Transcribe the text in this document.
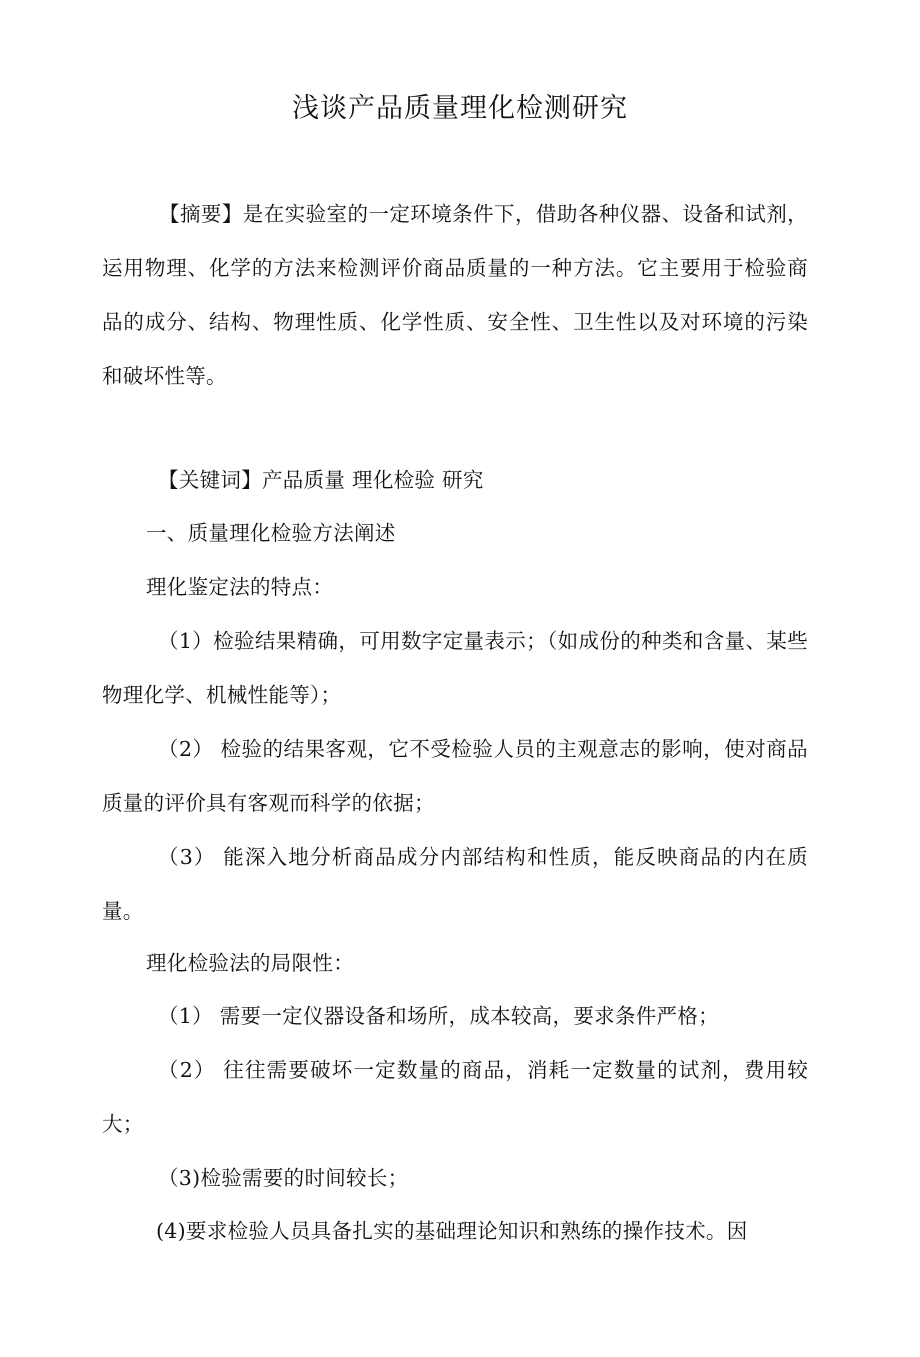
浅谈产品质量理化检测研究

【摘要】是在实验室的一定环境条件下，借助各种仪器、设备和试剂，运用物理、化学的方法来检测评价商品质量的一种方法。它主要用于检验商品的成分、结构、物理性质、化学性质、安全性、卫生性以及对环境的污染和破坏性等。

【关键词】产品质量 理化检验 研究

一、质量理化检验方法阐述

理化鉴定法的特点：

（1）检验结果精确，可用数字定量表示；（如成份的种类和含量、某些物理化学、机械性能等）；

（2） 检验的结果客观，它不受检验人员的主观意志的影响，使对商品质量的评价具有客观而科学的依据；

（3） 能深入地分析商品成分内部结构和性质，能反映商品的内在质量。

理化检验法的局限性：

（1） 需要一定仪器设备和场所，成本较高，要求条件严格；

（2） 往往需要破坏一定数量的商品，消耗一定数量的试剂，费用较大；

（3)检验需要的时间较长；

(4)要求检验人员具备扎实的基础理论知识和熟练的操作技术。因
